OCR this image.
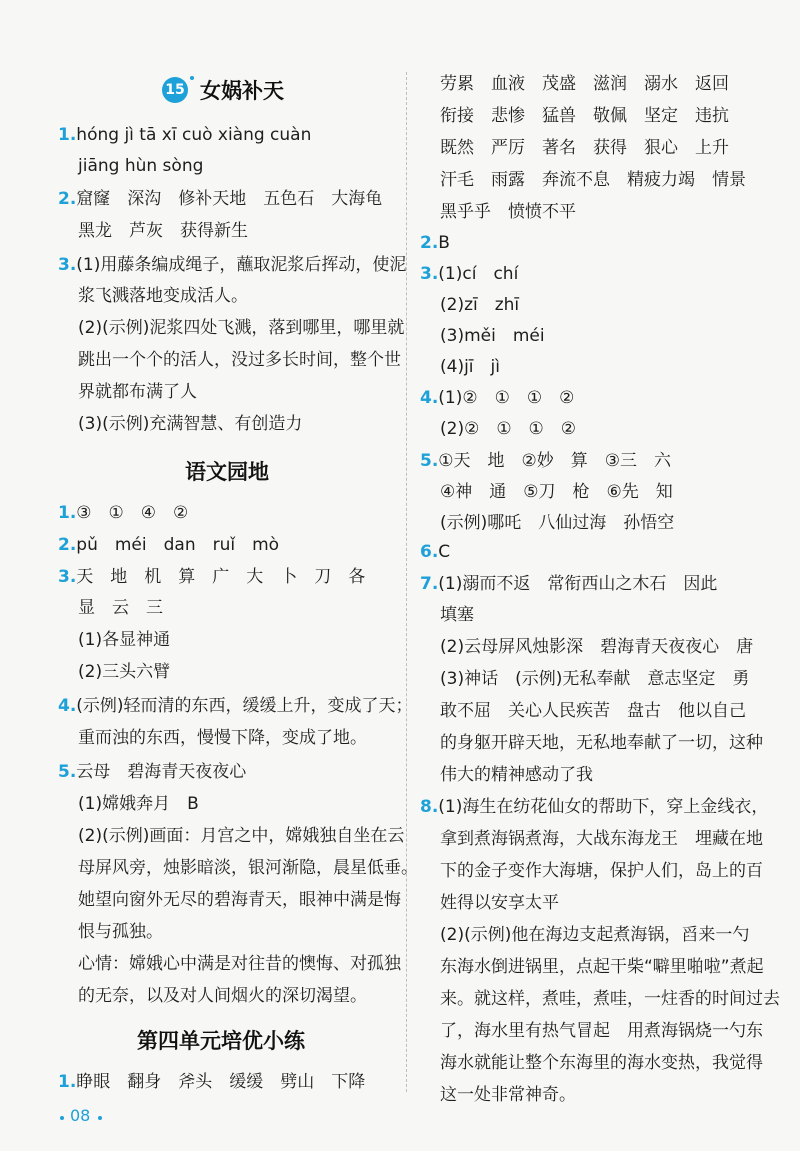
15 女娲补天
1.hóng jì tā xī cuò xiàng cuàn
jiāng hùn sòng
2.窟窿　深沟　修补天地　五色石　大海龟
黑龙　芦灰　获得新生
3.(1)用藤条编成绳子，蘸取泥浆后挥动，使泥
浆飞溅落地变成活人。
(2)(示例)泥浆四处飞溅，落到哪里，哪里就
跳出一个个的活人，没过多长时间，整个世
界就都布满了人
(3)(示例)充满智慧、有创造力
语文园地
1.③　①　④　②
2.pǔ　méi　dan　ruǐ　mò
3.天　地　机　算　广　大　卜　刀　各
显　云　三
(1)各显神通
(2)三头六臂
4.(示例)轻而清的东西，缓缓上升，变成了天；
重而浊的东西，慢慢下降，变成了地。
5.云母　碧海青天夜夜心
(1)嫦娥奔月　B
(2)(示例)画面：月宫之中，嫦娥独自坐在云
母屏风旁，烛影暗淡，银河渐隐，晨星低垂。
她望向窗外无尽的碧海青天，眼神中满是悔
恨与孤独。
心情：嫦娥心中满是对往昔的懊悔、对孤独
的无奈，以及对人间烟火的深切渴望。
第四单元培优小练
1.睁眼　翻身　斧头　缓缓　劈山　下降
08
劳累　血液　茂盛　滋润　溺水　返回
衔接　悲惨　猛兽　敬佩　坚定　违抗
既然　严厉　著名　获得　狠心　上升
汗毛　雨露　奔流不息　精疲力竭　情景
黑乎乎　愤愤不平
2.B
3.(1)cí　chí
(2)zī　zhī
(3)měi　méi
(4)jī　jì
4.(1)②　①　①　②
(2)②　①　①　②
5.①天　地　②妙　算　③三　六
④神　通　⑤刀　枪　⑥先　知
(示例)哪吒　八仙过海　孙悟空
6.C
7.(1)溺而不返　常衔西山之木石　因此
填塞
(2)云母屏风烛影深　碧海青天夜夜心　唐
(3)神话　(示例)无私奉献　意志坚定　勇
敢不屈　关心人民疾苦　盘古　他以自己
的身躯开辟天地，无私地奉献了一切，这种
伟大的精神感动了我
8.(1)海生在纺花仙女的帮助下，穿上金线衣，
拿到煮海锅煮海，大战东海龙王　埋藏在地
下的金子变作大海塘，保护人们，岛上的百
姓得以安享太平
(2)(示例)他在海边支起煮海锅，舀来一勺
东海水倒进锅里，点起干柴“噼里啪啦”煮起
来。就这样，煮哇，煮哇，一炷香的时间过去
了，海水里有热气冒起　用煮海锅烧一勺东
海水就能让整个东海里的海水变热，我觉得
这一处非常神奇。
